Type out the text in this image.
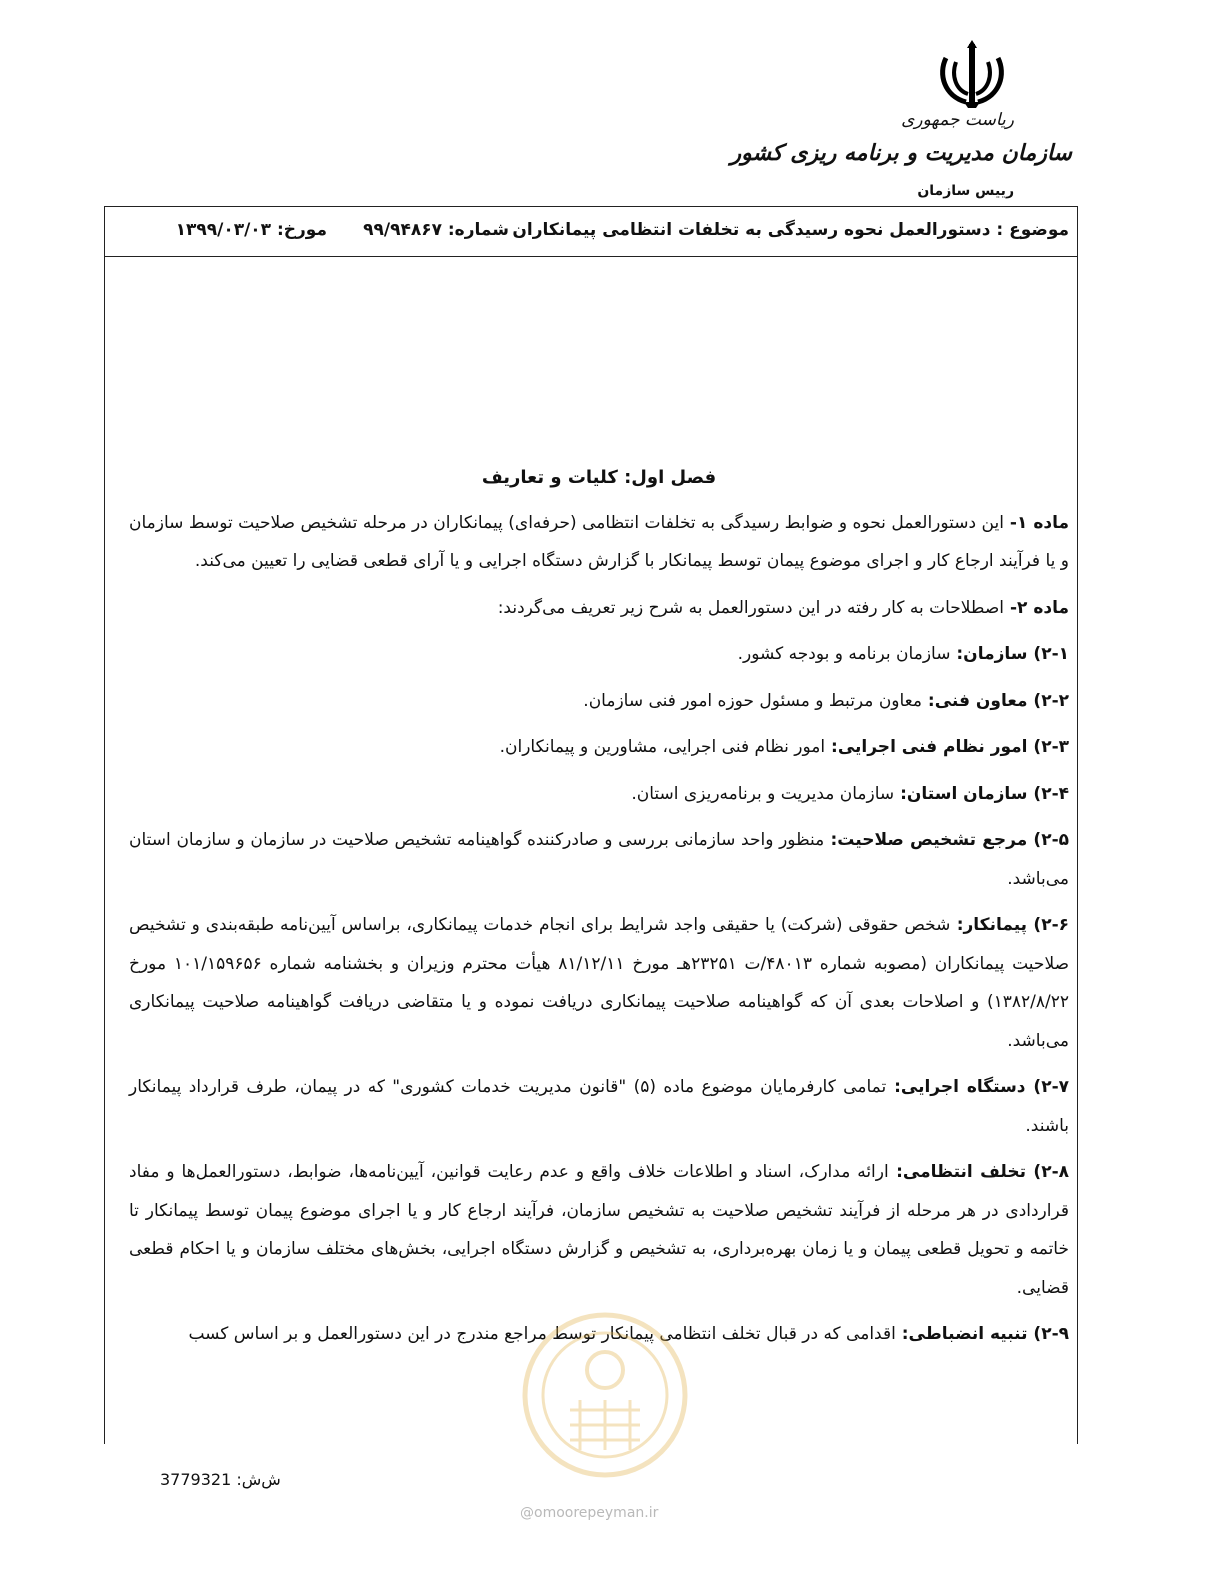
ریاست جمهوری
سازمان مدیریت و برنامه ریزی کشور
رییس سازمان
موضوع : دستورالعمل نحوه رسیدگی به تخلفات انتظامی پیمانکاران
شماره: ۹۹/۹۴۸۶۷
مورخ: ۱۳۹۹/۰۳/۰۳
فصل اول: کلیات و تعاریف

ماده ۱- این دستورالعمل نحوه و ضوابط رسیدگی به تخلفات انتظامی (حرفه‌ای) پیمانکاران در مرحله تشخیص صلاحیت توسط سازمان و یا فرآیند ارجاع کار و اجرای موضوع پیمان توسط پیمانکار با گزارش دستگاه اجرایی و یا آرای قطعی قضایی را تعیین می‌کند.

ماده ۲- اصطلاحات به کار رفته در این دستورالعمل به شرح زیر تعریف می‌گردند:

۲-۱) سازمان: سازمان برنامه و بودجه کشور.

۲-۲) معاون فنی: معاون مرتبط و مسئول حوزه امور فنی سازمان.

۲-۳) امور نظام فنی اجرایی: امور نظام فنی اجرایی، مشاورین و پیمانکاران.

۲-۴) سازمان استان: سازمان مدیریت و برنامه‌ریزی استان.

۲-۵) مرجع تشخیص صلاحیت: منظور واحد سازمانی بررسی و صادرکننده گواهینامه تشخیص صلاحیت در سازمان و سازمان استان می‌باشد.

۲-۶) پیمانکار: شخص حقوقی (شرکت) یا حقیقی واجد شرایط برای انجام خدمات پیمانکاری، براساس آیین‌نامه طبقه‌بندی و تشخیص صلاحیت پیمانکاران (مصوبه شماره ۴۸۰۱۳/ت ۲۳۲۵۱هـ مورخ ۸۱/۱۲/۱۱ هیأت محترم وزیران و بخشنامه شماره ۱۰۱/۱۵۹۶۵۶ مورخ ۱۳۸۲/۸/۲۲) و اصلاحات بعدی آن که گواهینامه صلاحیت پیمانکاری دریافت نموده و یا متقاضی دریافت گواهینامه صلاحیت پیمانکاری می‌باشد.

۲-۷) دستگاه اجرایی: تمامی کارفرمایان موضوع ماده (۵) "قانون مدیریت خدمات کشوری" که در پیمان، طرف قرارداد پیمانکار باشند.

۲-۸) تخلف انتظامی: ارائه مدارک، اسناد و اطلاعات خلاف واقع و عدم رعایت قوانین، آیین‌نامه‌ها، ضوابط، دستورالعمل‌ها و مفاد قراردادی در هر مرحله از فرآیند تشخیص صلاحیت به تشخیص سازمان، فرآیند ارجاع کار و یا اجرای موضوع پیمان توسط پیمانکار تا خاتمه و تحویل قطعی پیمان و یا زمان بهره‌برداری، به تشخیص و گزارش دستگاه اجرایی، بخش‌های مختلف سازمان و یا احکام قطعی قضایی.

۲-۹) تنبیه انضباطی: اقدامی که در قبال تخلف انتظامی پیمانکار توسط مراجع مندرج در این دستورالعمل و بر اساس کسب

@omoorepeyman.ir
ش‌ش: 3779321
